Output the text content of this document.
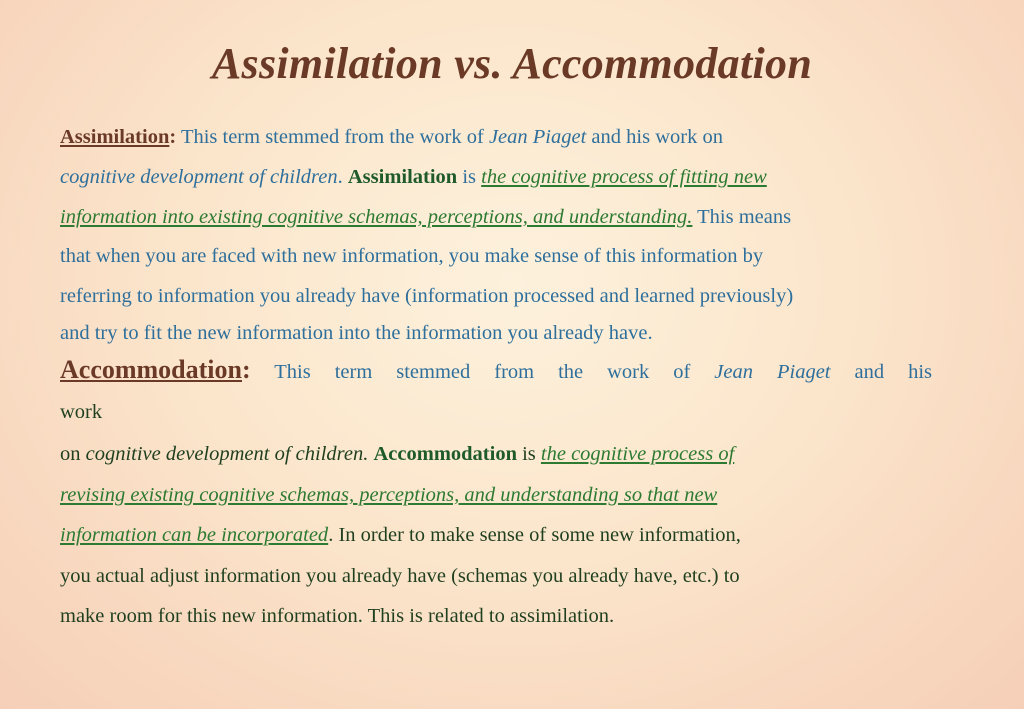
Assimilation vs. Accommodation
Assimilation: This term stemmed from the work of Jean Piaget and his work on
cognitive development of children. Assimilation is the cognitive process of fitting new
information into existing cognitive schemas, perceptions, and understanding. This means
that when you are faced with new information, you make sense of this information by
referring to information you already have (information processed and learned previously)
and try to fit the new information into the information you already have.
Accommodation: This term stemmed from the work of Jean Piaget and his
work
on cognitive development of children. Accommodation is the cognitive process of
revising existing cognitive schemas, perceptions, and understanding so that new
information can be incorporated. In order to make sense of some new information,
you actual adjust information you already have (schemas you already have, etc.) to
make room for this new information. This is related to assimilation.
